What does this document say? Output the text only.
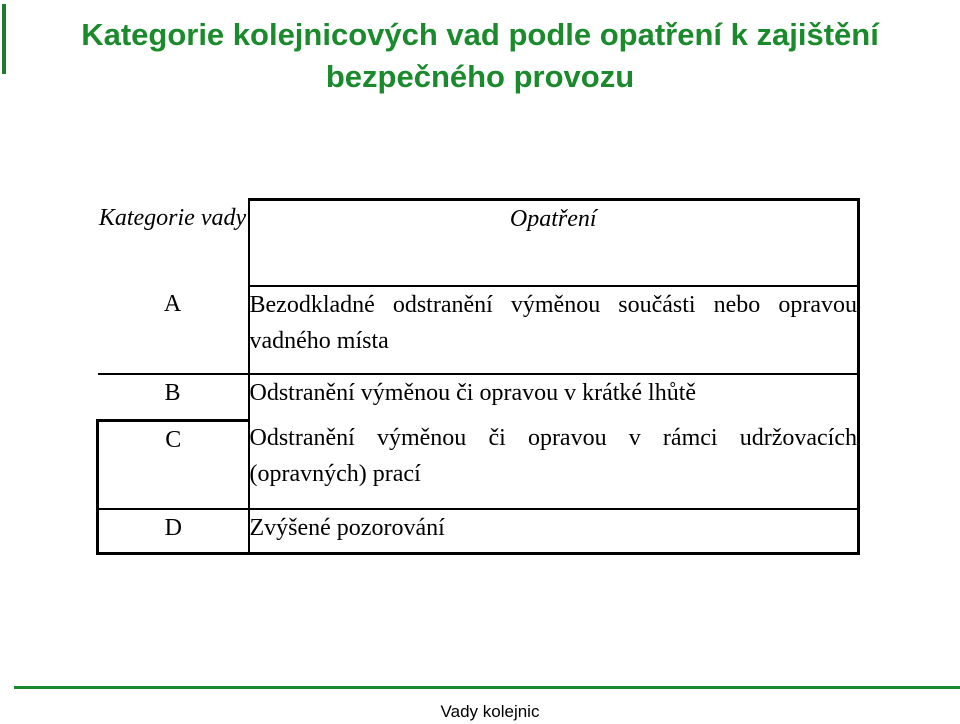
Kategorie kolejnicových vad podle opatření k zajištění bezpečného provozu
Kategorie vady	Opatření
A	Bezodkladné odstranění výměnou součásti nebo opravou vadného místa
B	Odstranění výměnou či opravou v krátké lhůtě
C	Odstranění výměnou či opravou v rámci udržovacích (opravných) prací
D	Zvýšené pozorování
Vady kolejnic
